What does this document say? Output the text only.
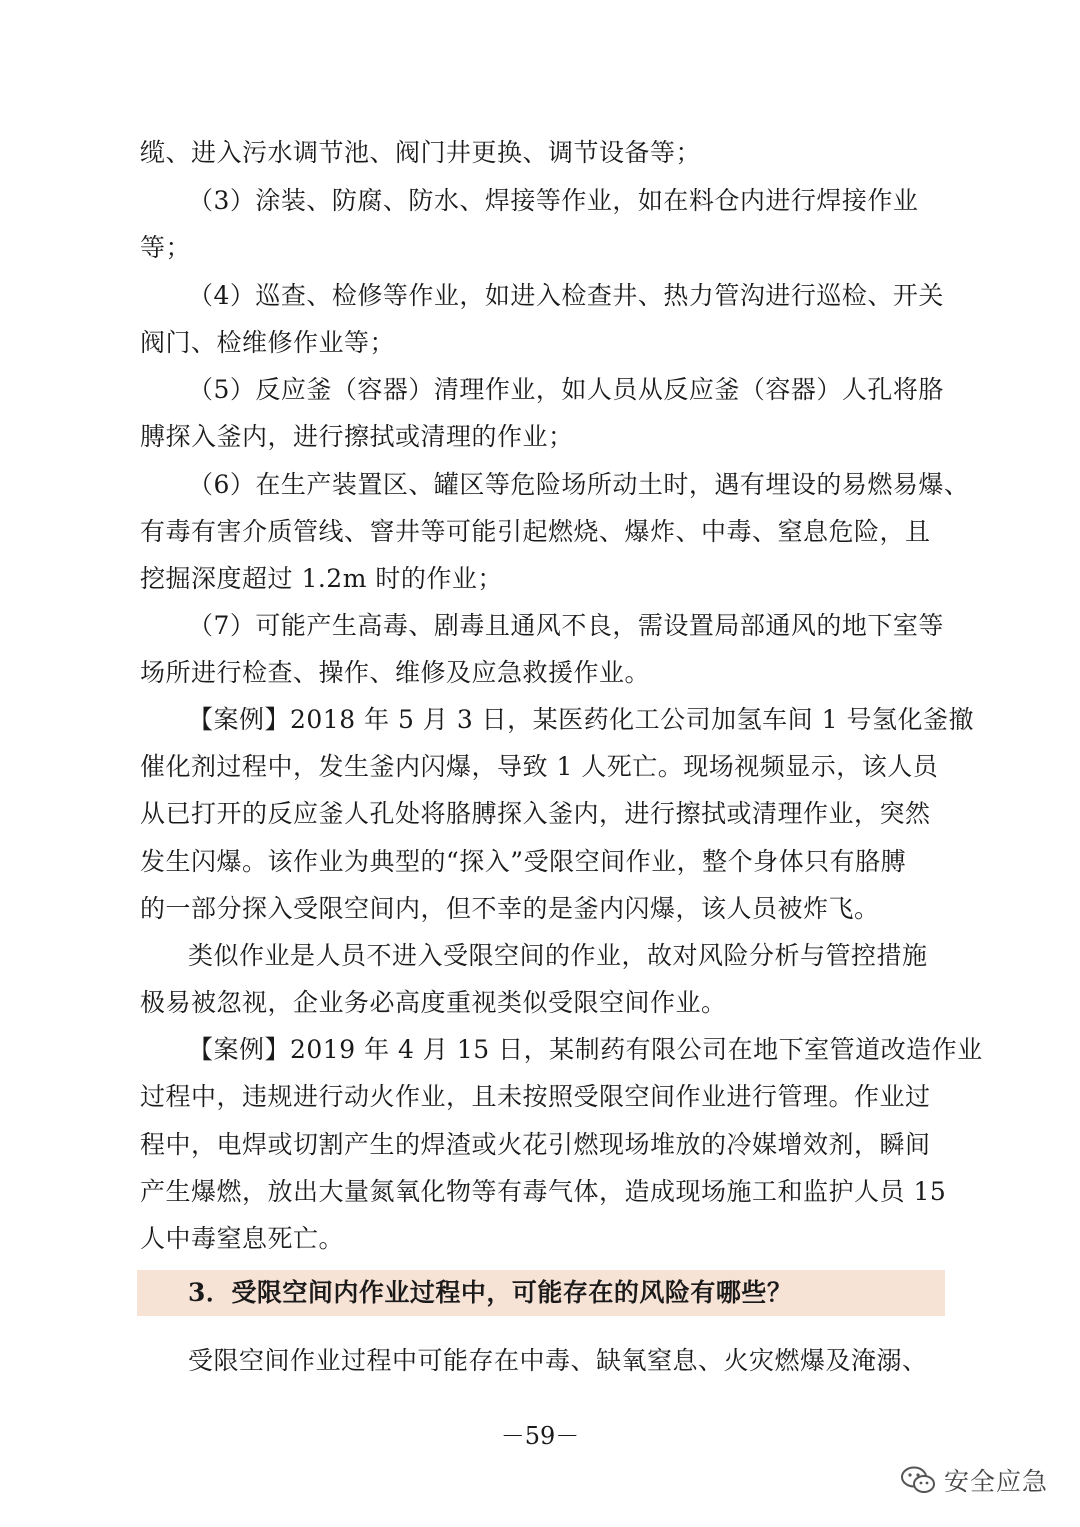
缆、进入污水调节池、阀门井更换、调节设备等；
（3）涂装、防腐、防水、焊接等作业，如在料仓内进行焊接作业
等；
（4）巡查、检修等作业，如进入检查井、热力管沟进行巡检、开关
阀门、检维修作业等；
（5）反应釜（容器）清理作业，如人员从反应釜（容器）人孔将胳
膊探入釜内，进行擦拭或清理的作业；
（6）在生产装置区、罐区等危险场所动土时，遇有埋设的易燃易爆、
有毒有害介质管线、窨井等可能引起燃烧、爆炸、中毒、窒息危险，且
挖掘深度超过 1.2m 时的作业；
（7）可能产生高毒、剧毒且通风不良，需设置局部通风的地下室等
场所进行检查、操作、维修及应急救援作业。
【案例】2018 年 5 月 3 日，某医药化工公司加氢车间 1 号氢化釜撤
催化剂过程中，发生釜内闪爆，导致 1 人死亡。现场视频显示，该人员
从已打开的反应釜人孔处将胳膊探入釜内，进行擦拭或清理作业，突然
发生闪爆。该作业为典型的“探入”受限空间作业，整个身体只有胳膊
的一部分探入受限空间内，但不幸的是釜内闪爆，该人员被炸飞。
类似作业是人员不进入受限空间的作业，故对风险分析与管控措施
极易被忽视，企业务必高度重视类似受限空间作业。
【案例】2019 年 4 月 15 日，某制药有限公司在地下室管道改造作业
过程中，违规进行动火作业，且未按照受限空间作业进行管理。作业过
程中，电焊或切割产生的焊渣或火花引燃现场堆放的冷媒增效剂，瞬间
产生爆燃，放出大量氮氧化物等有毒气体，造成现场施工和监护人员 15
人中毒窒息死亡。
3．受限空间内作业过程中，可能存在的风险有哪些？
受限空间作业过程中可能存在中毒、缺氧窒息、火灾燃爆及淹溺、
－59－
安全应急
